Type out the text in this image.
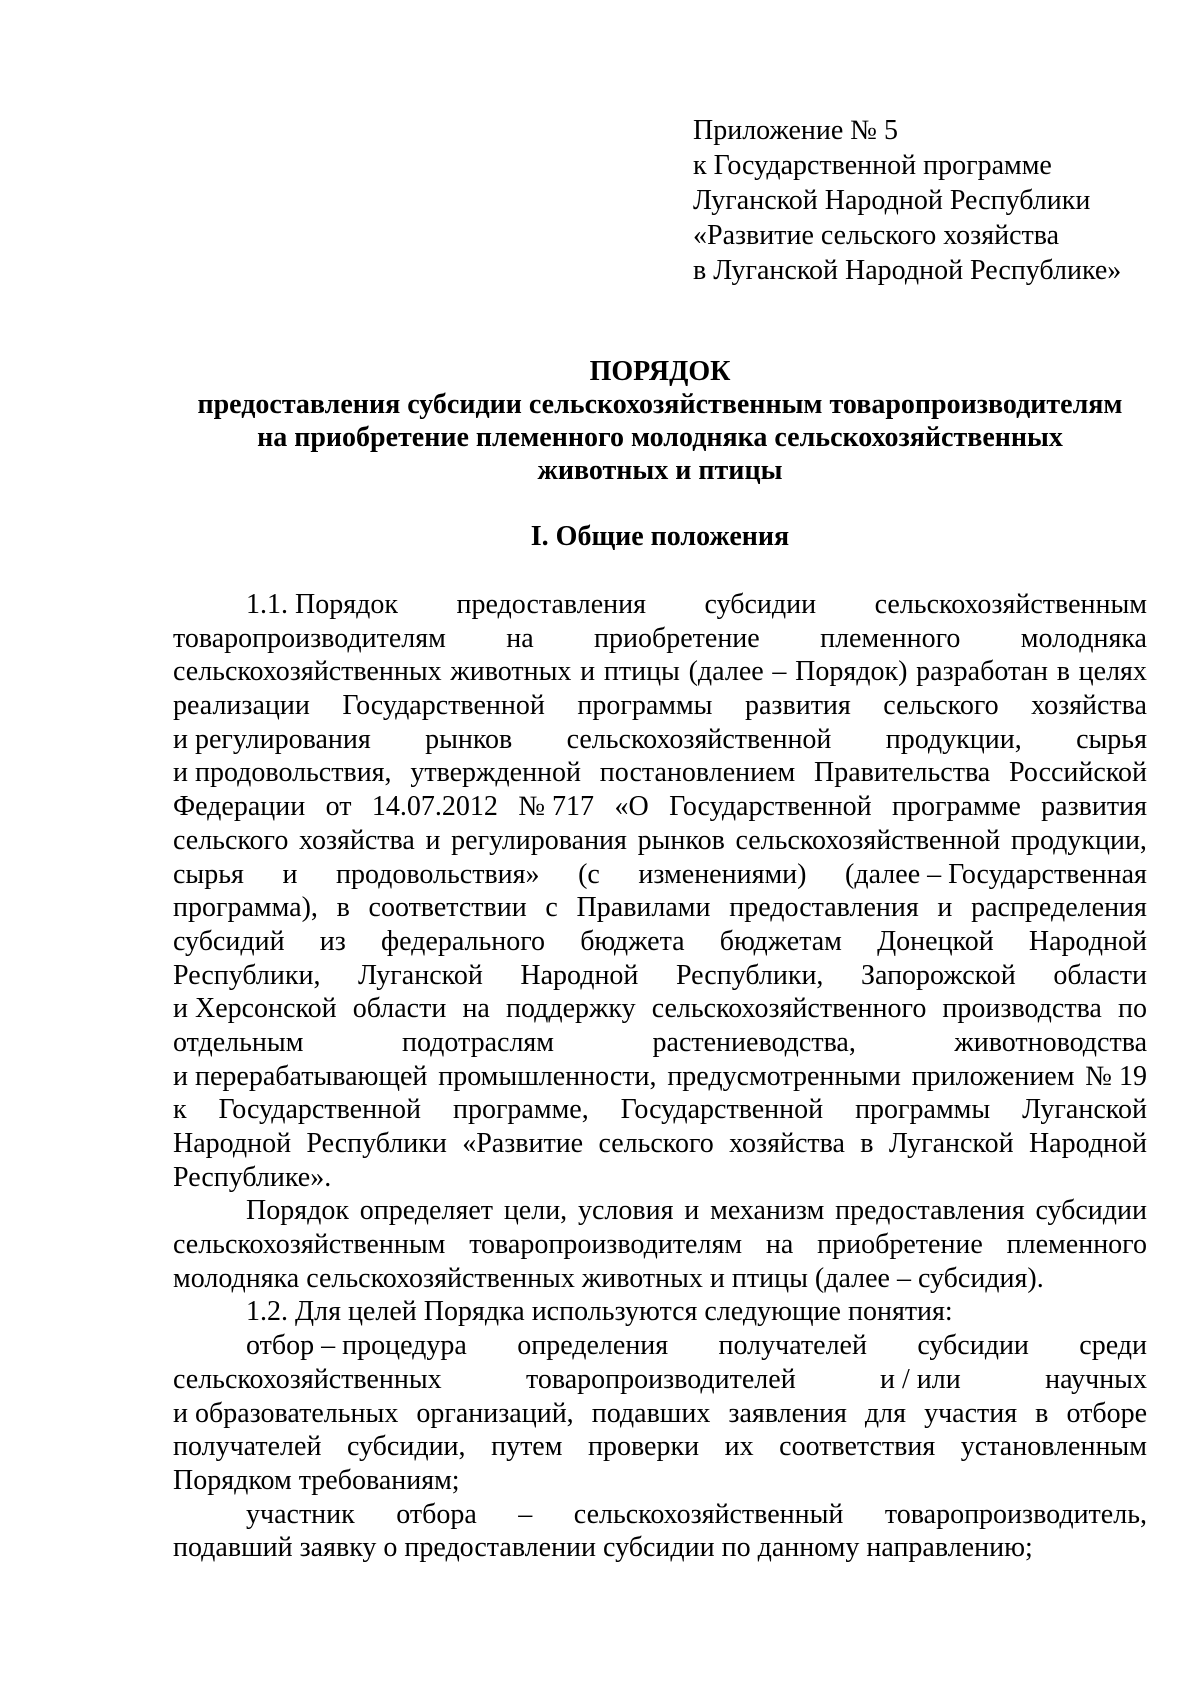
Приложение № 5
к Государственной программе
Луганской Народной Республики
«Развитие сельского хозяйства
в Луганской Народной Республике»
ПОРЯДОК
предоставления субсидии сельскохозяйственным товаропроизводителям
на приобретение племенного молодняка сельскохозяйственных
животных и птицы
I. Общие положения
1.1. Порядок предоставления субсидии сельскохозяйственным
товаропроизводителям на приобретение племенного молодняка
сельскохозяйственных животных и птицы (далее – Порядок) разработан в целях
реализации Государственной программы развития сельского хозяйства
и регулирования рынков сельскохозяйственной продукции, сырья
и продовольствия, утвержденной постановлением Правительства Российской
Федерации от 14.07.2012 № 717 «О Государственной программе развития
сельского хозяйства и регулирования рынков сельскохозяйственной продукции,
сырья и продовольствия» (с изменениями) (далее – Государственная
программа), в соответствии с Правилами предоставления и распределения
субсидий из федерального бюджета бюджетам Донецкой Народной
Республики, Луганской Народной Республики, Запорожской области
и Херсонской области на поддержку сельскохозяйственного производства по
отдельным	подотраслям	растениеводства,	животноводства
и перерабатывающей промышленности, предусмотренными приложением № 19
к Государственной программе, Государственной программы Луганской
Народной Республики «Развитие сельского хозяйства в Луганской Народной
Республике».
Порядок определяет цели, условия и механизм предоставления субсидии
сельскохозяйственным товаропроизводителям на приобретение племенного
молодняка сельскохозяйственных животных и птицы (далее – субсидия).
1.2. Для целей Порядка используются следующие понятия:
отбор – процедура определения получателей субсидии среди
сельскохозяйственных	товаропроизводителей	и / или	научных
и образовательных организаций, подавших заявления для участия в отборе
получателей субсидии, путем проверки их соответствия установленным
Порядком требованиям;
участник отбора – сельскохозяйственный товаропроизводитель,
подавший заявку о предоставлении субсидии по данному направлению;
